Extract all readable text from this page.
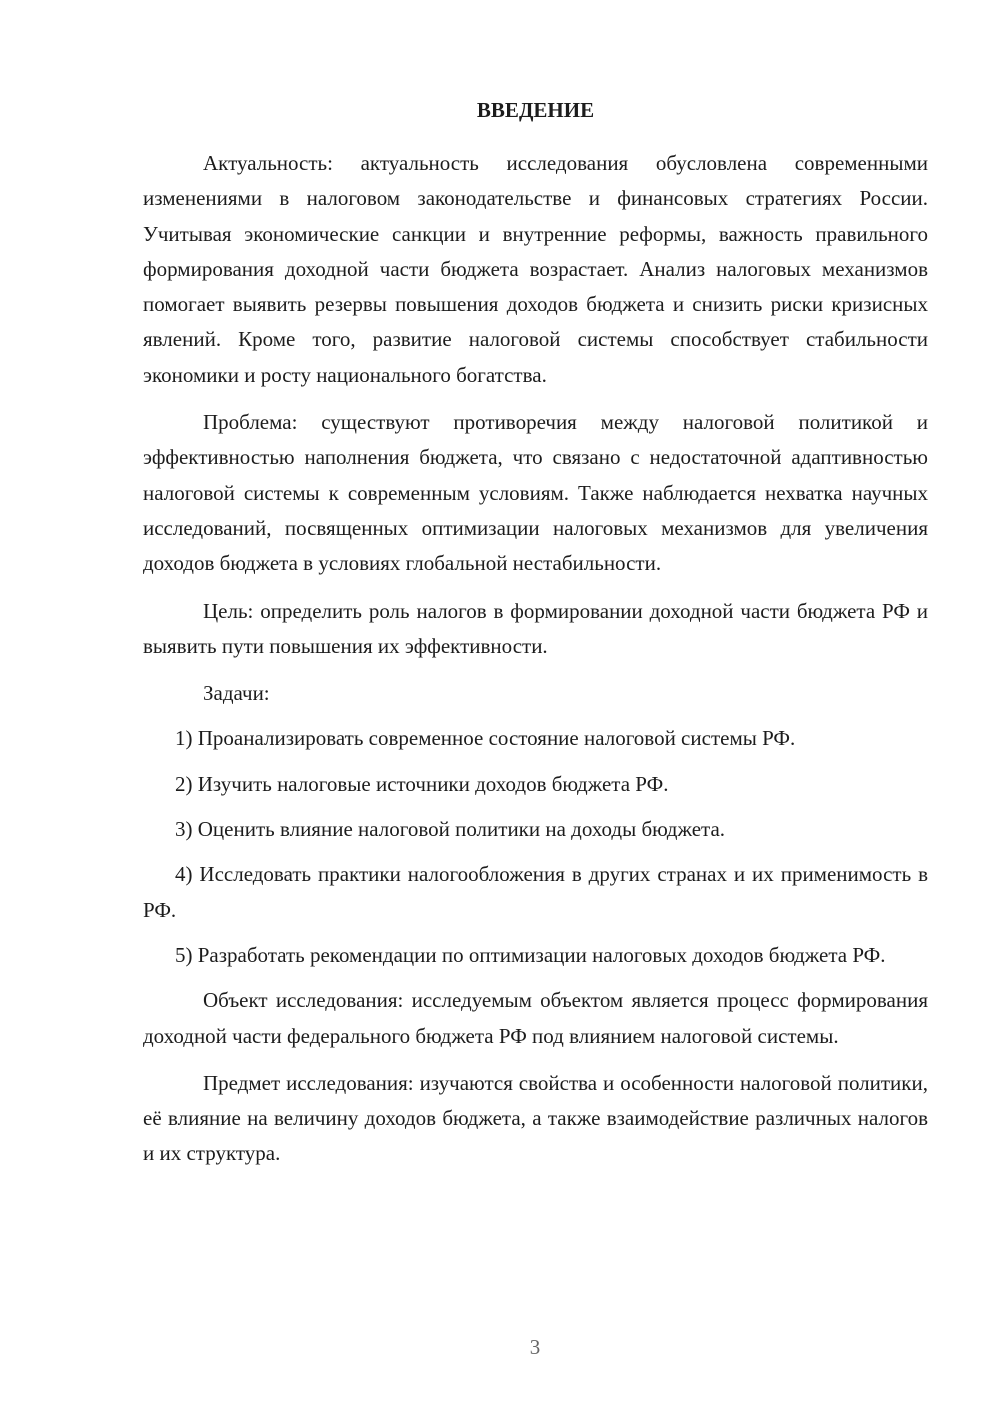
ВВЕДЕНИЕ

Актуальность: актуальность исследования обусловлена современными изменениями в налоговом законодательстве и финансовых стратегиях России. Учитывая экономические санкции и внутренние реформы, важность правильного формирования доходной части бюджета возрастает. Анализ налоговых механизмов помогает выявить резервы повышения доходов бюджета и снизить риски кризисных явлений. Кроме того, развитие налоговой системы способствует стабильности экономики и росту национального богатства.

Проблема: существуют противоречия между налоговой политикой и эффективностью наполнения бюджета, что связано с недостаточной адаптивностью налоговой системы к современным условиям. Также наблюдается нехватка научных исследований, посвященных оптимизации налоговых механизмов для увеличения доходов бюджета в условиях глобальной нестабильности.

Цель: определить роль налогов в формировании доходной части бюджета РФ и выявить пути повышения их эффективности.

Задачи:

1) Проанализировать современное состояние налоговой системы РФ.

2) Изучить налоговые источники доходов бюджета РФ.

3) Оценить влияние налоговой политики на доходы бюджета.

4) Исследовать практики налогообложения в других странах и их применимость в РФ.

5) Разработать рекомендации по оптимизации налоговых доходов бюджета РФ.

Объект исследования: исследуемым объектом является процесс формирования доходной части федерального бюджета РФ под влиянием налоговой системы.

Предмет исследования: изучаются свойства и особенности налоговой политики, её влияние на величину доходов бюджета, а также взаимодействие различных налогов и их структура.

3
